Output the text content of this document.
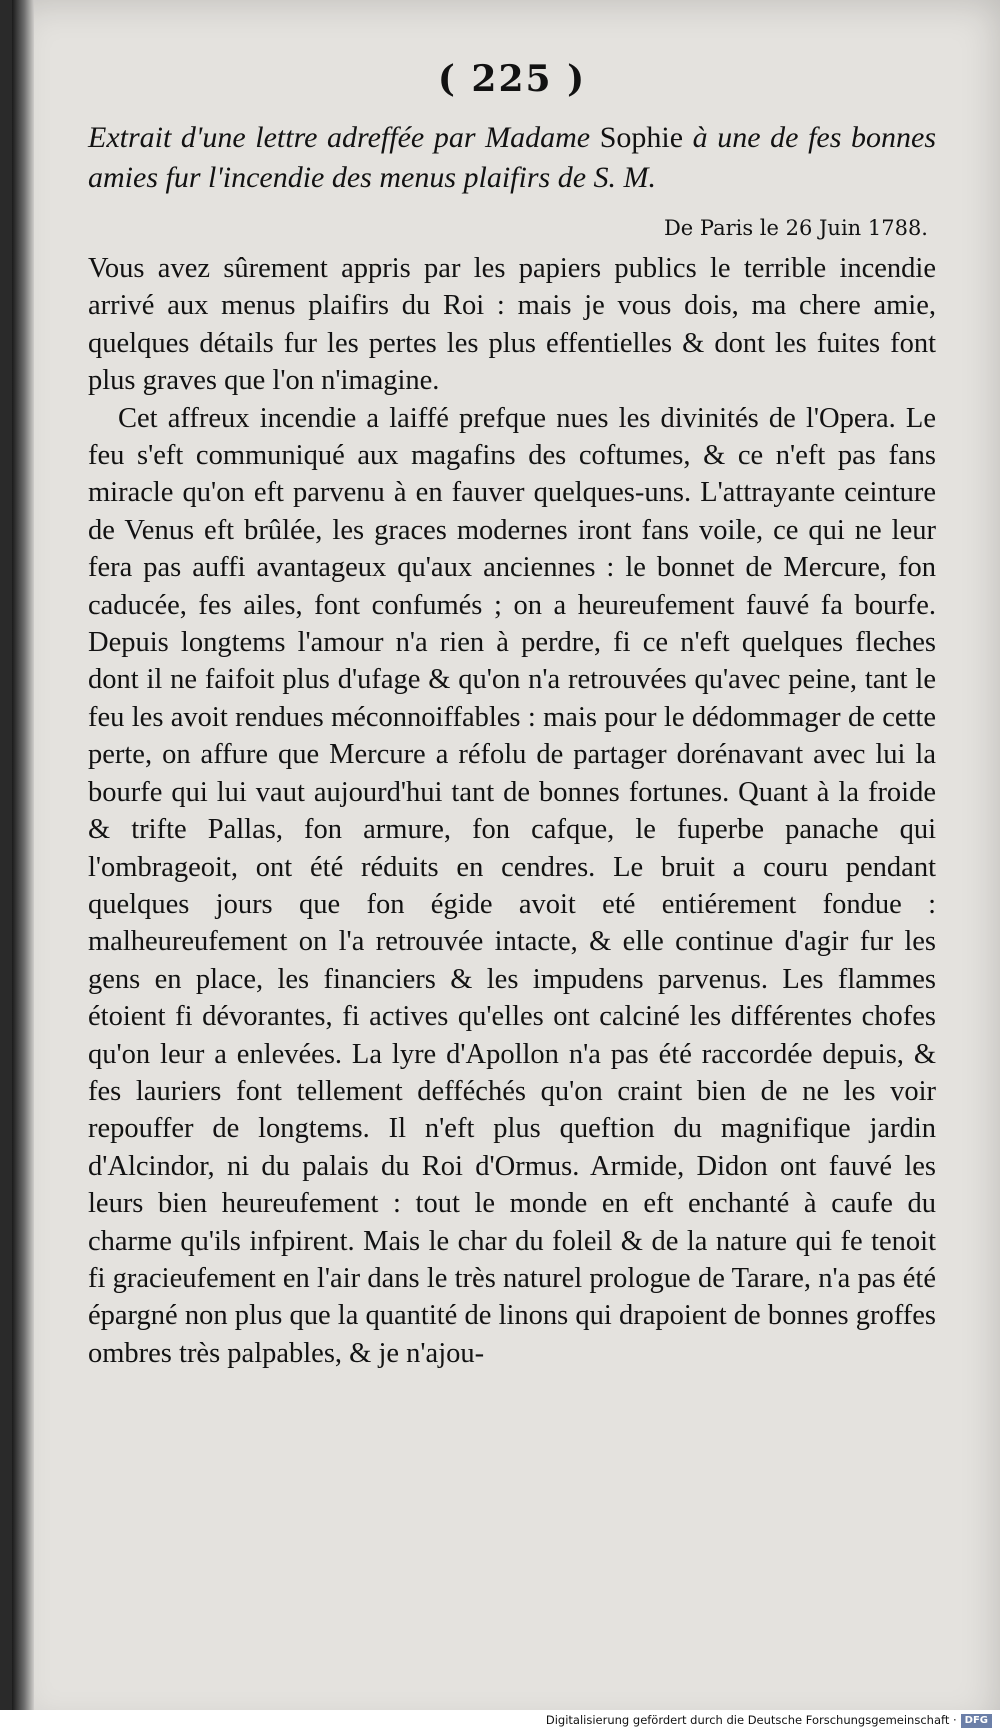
( 225 )
Extrait d'une lettre adreffée par Madame Sophie à une de fes bonnes amies fur l'incendie des menus plaifirs de S. M.
De Paris le 26 Juin 1788.

Vous avez sûrement appris par les papiers publics le terrible incendie arrivé aux menus plaifirs du Roi : mais je vous dois, ma chere amie, quelques détails fur les pertes les plus effentielles & dont les fuites font plus graves que l'on n'imagine.

Cet affreux incendie a laiffé prefque nues les divinités de l'Opera. Le feu s'eft communiqué aux magafins des coftumes, & ce n'eft pas fans miracle qu'on eft parvenu à en fauver quelques-uns. L'attrayante ceinture de Venus eft brûlée, les graces modernes iront fans voile, ce qui ne leur fera pas auffi avantageux qu'aux anciennes : le bonnet de Mercure, fon caducée, fes ailes, font confumés ; on a heureufement fauvé fa bourfe. Depuis longtems l'amour n'a rien à perdre, fi ce n'eft quelques fleches dont il ne faifoit plus d'ufage & qu'on n'a retrouvées qu'avec peine, tant le feu les avoit rendues méconnoiffables : mais pour le dédommager de cette perte, on affure que Mercure a réfolu de partager dorénavant avec lui la bourfe qui lui vaut aujourd'hui tant de bonnes fortunes. Quant à la froide & trifte Pallas, fon armure, fon cafque, le fuperbe panache qui l'ombrageoit, ont été réduits en cendres. Le bruit a couru pendant quelques jours que fon égide avoit eté entiérement fondue : malheureufement on l'a retrouvée intacte, & elle continue d'agir fur les gens en place, les financiers & les impudens parvenus. Les flammes étoient fi dévorantes, fi actives qu'elles ont calciné les différentes chofes qu'on leur a enlevées. La lyre d'Apollon n'a pas été raccordée depuis, & fes lauriers font tellement defféchés qu'on craint bien de ne les voir repouffer de longtems. Il n'eft plus queftion du magnifique jardin d'Alcindor, ni du palais du Roi d'Ormus. Armide, Didon ont fauvé les leurs bien heureufement : tout le monde en eft enchanté à caufe du charme qu'ils infpirent. Mais le char du foleil & de la nature qui fe tenoit fi gracieufement en l'air dans le très naturel prologue de Tarare, n'a pas été épargné non plus que la quantité de linons qui drapoient de bonnes groffes ombres très palpables, & je n'ajou-

Digitalisierung gefördert durch die Deutsche Forschungsgemeinschaft · DFG
